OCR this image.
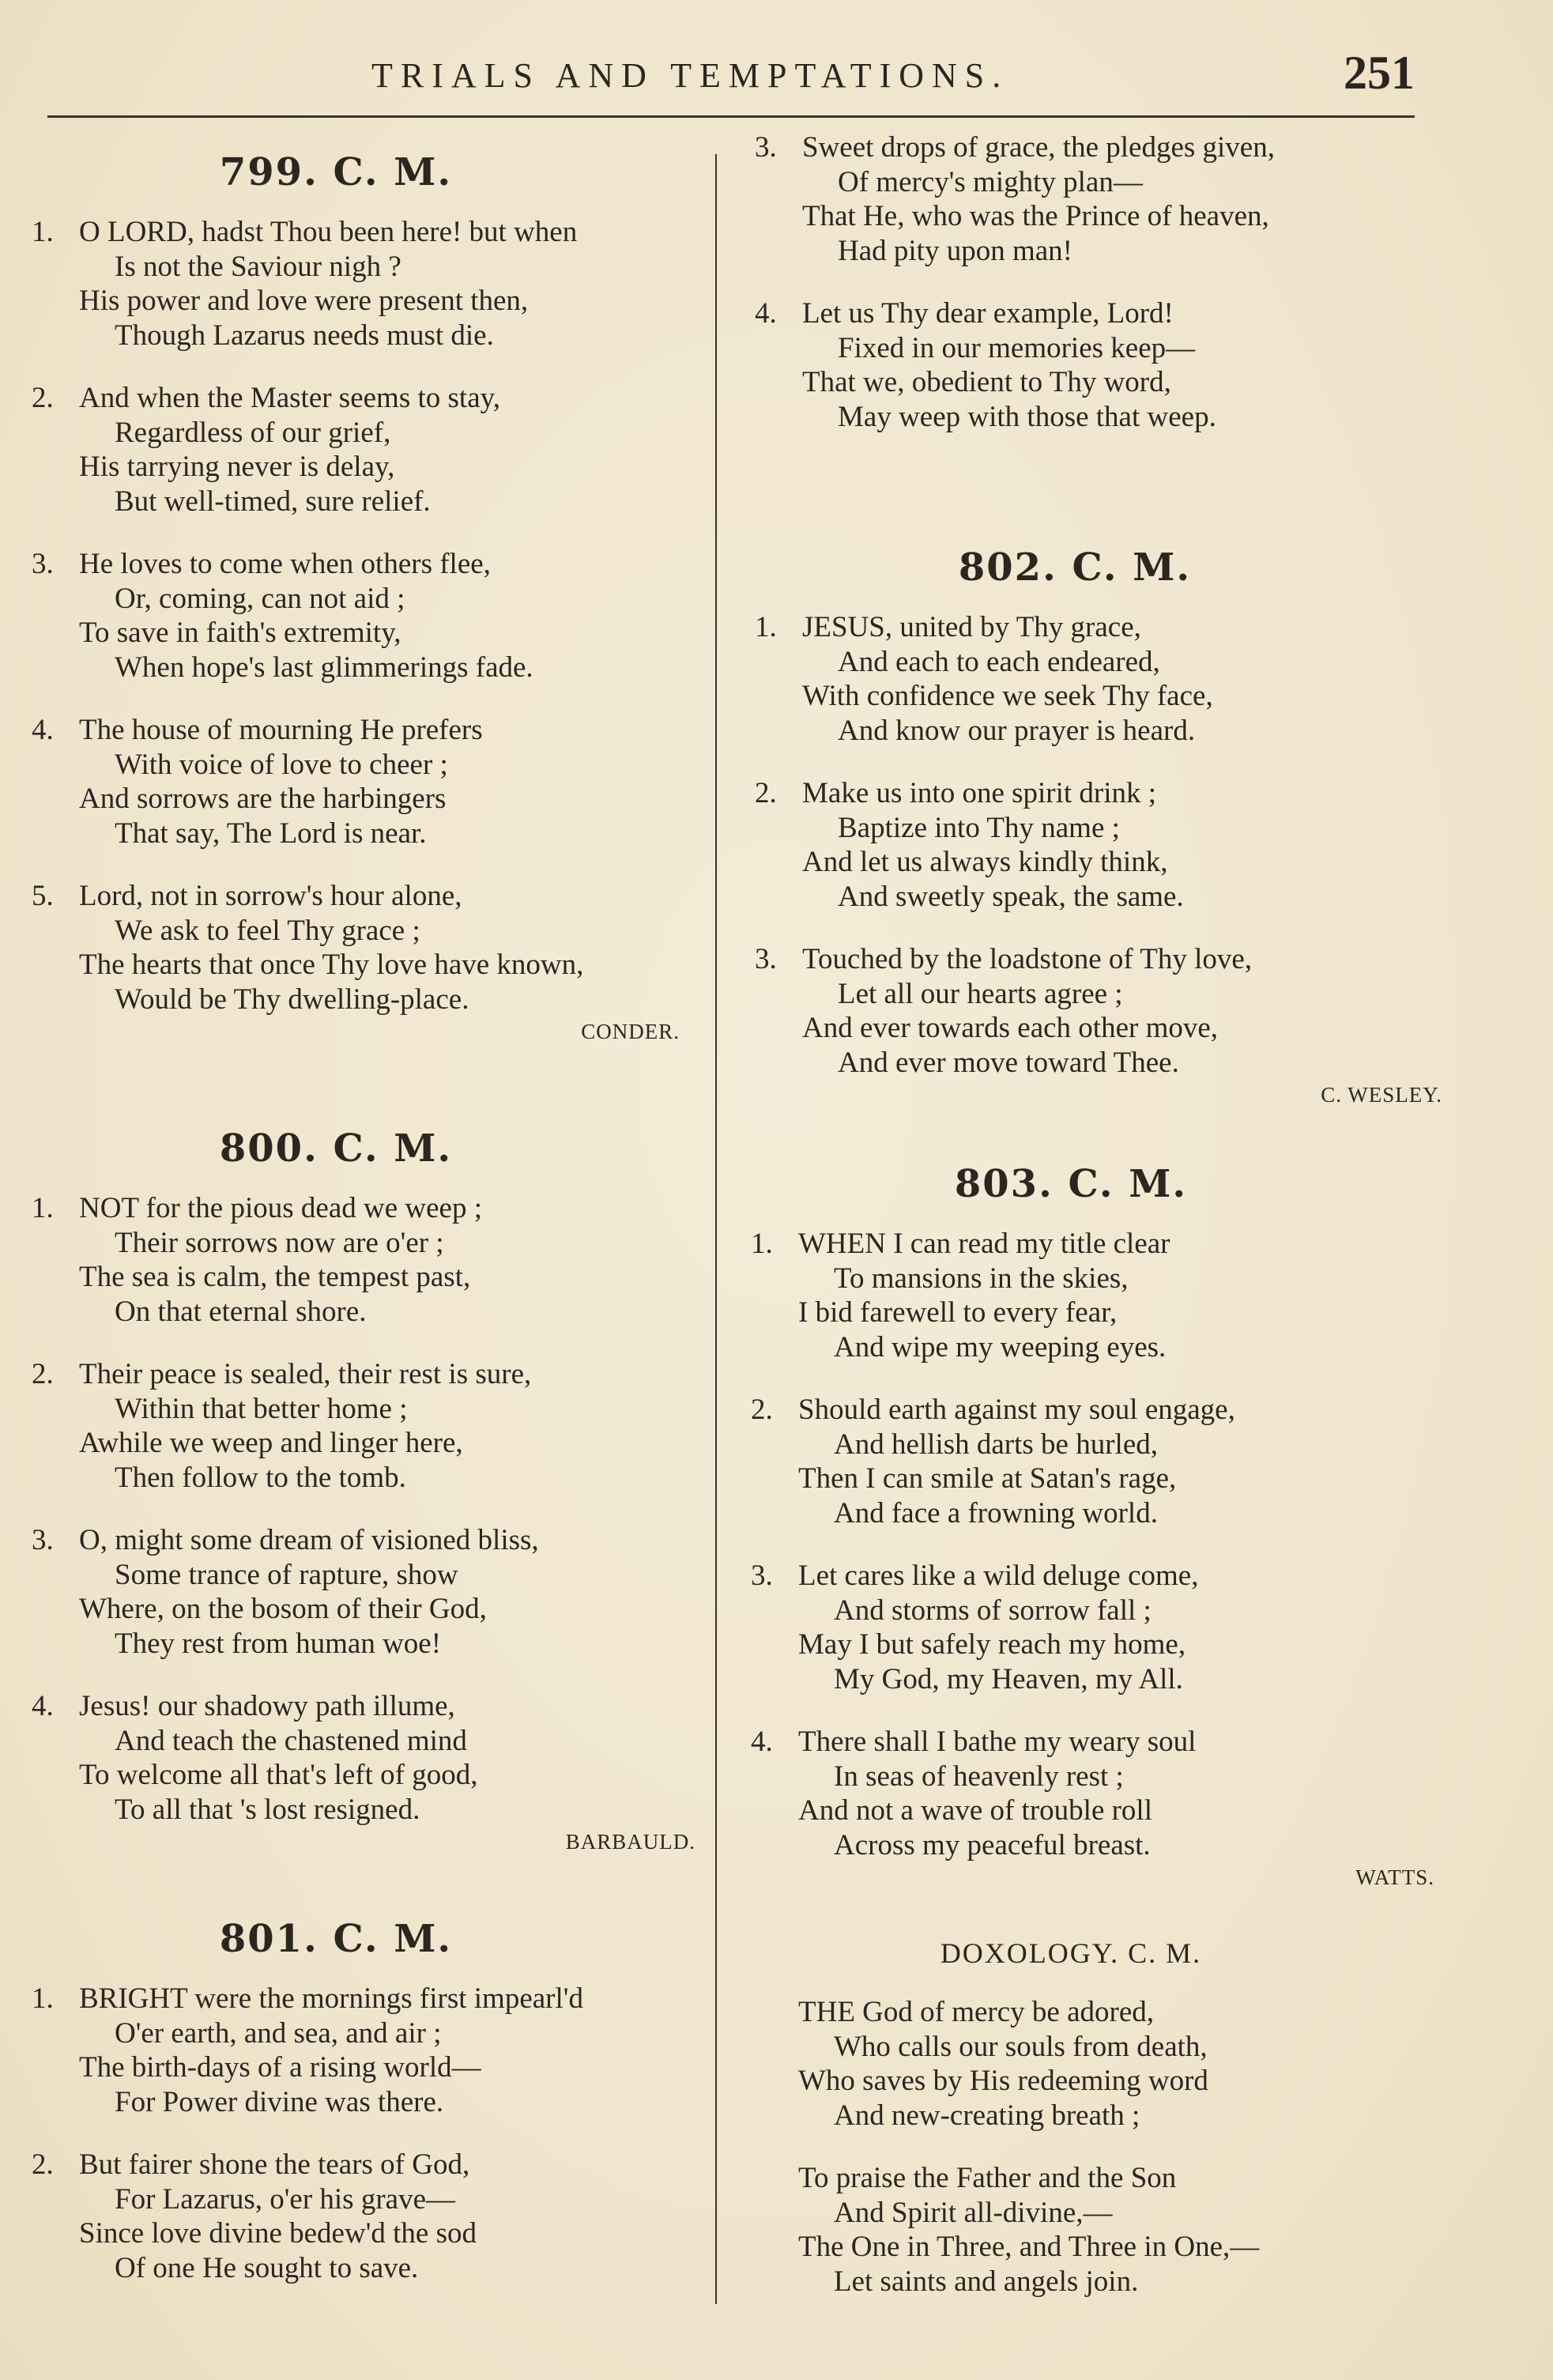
TRIALS AND TEMPTATIONS.	251
799. C. M.
1. O LORD, hadst Thou been here! but when
Is not the Saviour nigh ?
His power and love were present then,
Though Lazarus needs must die.
2. And when the Master seems to stay,
Regardless of our grief,
His tarrying never is delay,
But well-timed, sure relief.
3. He loves to come when others flee,
Or, coming, can not aid ;
To save in faith's extremity,
When hope's last glimmerings fade.
4. The house of mourning He prefers
With voice of love to cheer ;
And sorrows are the harbingers
That say, The Lord is near.
5. Lord, not in sorrow's hour alone,
We ask to feel Thy grace ;
The hearts that once Thy love have known,
Would be Thy dwelling-place.
CONDER.
800. C. M.
1. NOT for the pious dead we weep ;
Their sorrows now are o'er ;
The sea is calm, the tempest past,
On that eternal shore.
2. Their peace is sealed, their rest is sure,
Within that better home ;
Awhile we weep and linger here,
Then follow to the tomb.
3. O, might some dream of visioned bliss,
Some trance of rapture, show
Where, on the bosom of their God,
They rest from human woe!
4. Jesus! our shadowy path illume,
And teach the chastened mind
To welcome all that's left of good,
To all that 's lost resigned.
BARBAULD.
801. C. M.
1. BRIGHT were the mornings first impearl'd
O'er earth, and sea, and air ;
The birth-days of a rising world—
For Power divine was there.
2. But fairer shone the tears of God,
For Lazarus, o'er his grave—
Since love divine bedew'd the sod
Of one He sought to save.
3. Sweet drops of grace, the pledges given,
Of mercy's mighty plan—
That He, who was the Prince of heaven,
Had pity upon man!
4. Let us Thy dear example, Lord!
Fixed in our memories keep—
That we, obedient to Thy word,
May weep with those that weep.
802. C. M.
1. JESUS, united by Thy grace,
And each to each endeared,
With confidence we seek Thy face,
And know our prayer is heard.
2. Make us into one spirit drink ;
Baptize into Thy name ;
And let us always kindly think,
And sweetly speak, the same.
3. Touched by the loadstone of Thy love,
Let all our hearts agree ;
And ever towards each other move,
And ever move toward Thee.
C. WESLEY.
803. C. M.
1. WHEN I can read my title clear
To mansions in the skies,
I bid farewell to every fear,
And wipe my weeping eyes.
2. Should earth against my soul engage,
And hellish darts be hurled,
Then I can smile at Satan's rage,
And face a frowning world.
3. Let cares like a wild deluge come,
And storms of sorrow fall ;
May I but safely reach my home,
My God, my Heaven, my All.
4. There shall I bathe my weary soul
In seas of heavenly rest ;
And not a wave of trouble roll
Across my peaceful breast.
WATTS.
DOXOLOGY. C. M.
THE God of mercy be adored,
Who calls our souls from death,
Who saves by His redeeming word
And new-creating breath ;
To praise the Father and the Son
And Spirit all-divine,—
The One in Three, and Three in One,—
Let saints and angels join.
